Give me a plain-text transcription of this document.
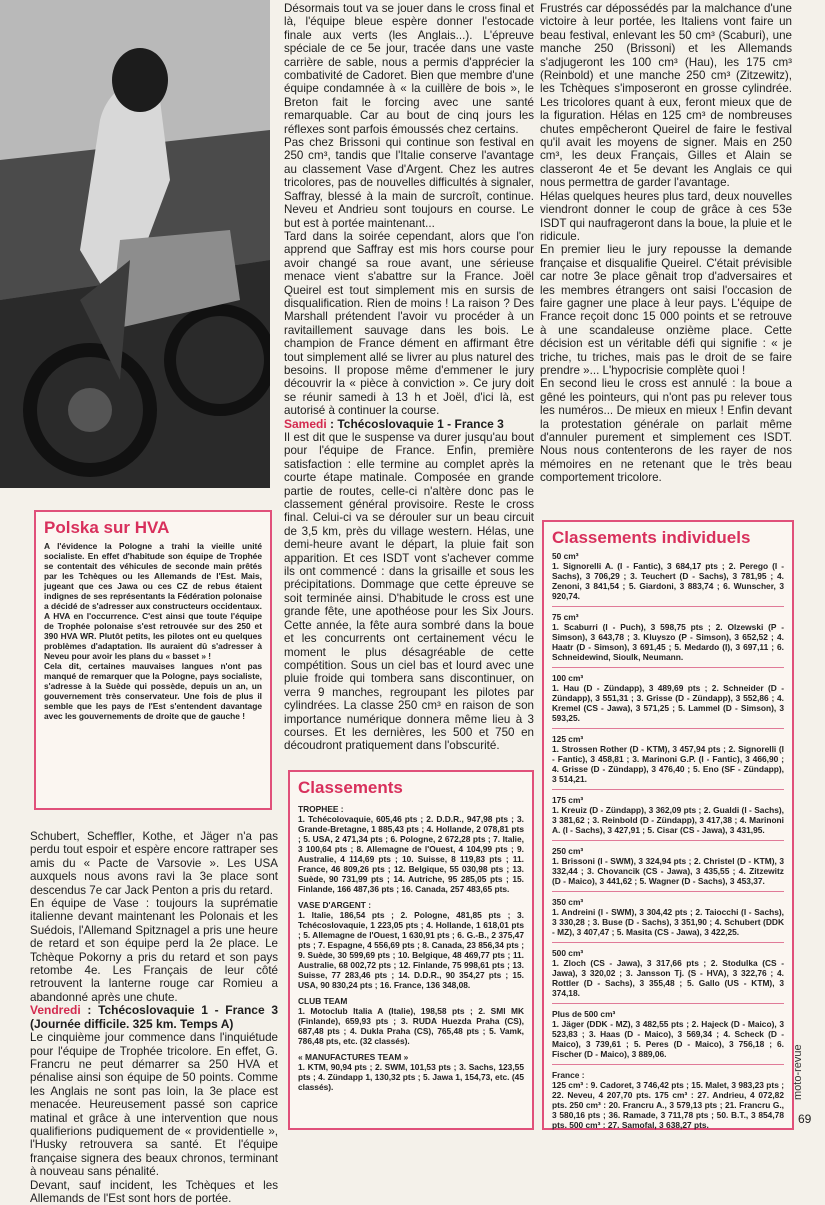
Schubert, Scheffler, Kothe, et Jäger n'a pas perdu tout espoir et espère encore rattraper ses amis du « Pacte de Varsovie ». Les USA auxquels nous avons ravi la 3e place sont descendus 7e car Jack Penton a pris du retard.

En équipe de Vase : toujours la suprématie italienne devant maintenant les Polonais et les Suédois, l'Allemand Spitznagel a pris une heure de retard et son équipe perd la 2e place. Le Tchèque Pokorny a pris du retard et son pays retombe 4e. Les Français de leur côté retrouvent la lanterne rouge car Romieu a abandonné après une chute.

Vendredi : Tchécoslovaquie 1 - France 3 (Journée difficile. 325 km. Temps A)

Le cinquième jour commence dans l'inquiétude pour l'équipe de Trophée tricolore. En effet, G. Francru ne peut démarrer sa 250 HVA et pénalise ainsi son équipe de 50 points. Comme les Anglais ne sont pas loin, la 3e place est menacée. Heureusement passé son caprice matinal et grâce à une intervention que nous qualifierions pudiquement de « providentielle », l'Husky retrouvera sa santé. Et l'équipe française signera des beaux chronos, terminant à nouveau sans pénalité.

Devant, sauf incident, les Tchèques et les Allemands de l'Est sont hors de portée.

Désormais tout va se jouer dans le cross final et là, l'équipe bleue espère donner l'estocade finale aux verts (les Anglais...). L'épreuve spéciale de ce 5e jour, tracée dans une vaste carrière de sable, nous a permis d'apprécier la combativité de Cadoret. Bien que membre d'une équipe condamnée à « la cuillère de bois », le Breton fait le forcing avec une santé remarquable. Car au bout de cinq jours les réflexes sont parfois émoussés chez certains.

Pas chez Brissoni qui continue son festival en 250 cm³, tandis que l'Italie conserve l'avantage au classement Vase d'Argent. Chez les autres tricolores, pas de nouvelles difficultés à signaler, Saffray, blessé à la main de surcroît, continue. Neveu et Andrieu sont toujours en course. Le but est à portée maintenant...

Tard dans la soirée cependant, alors que l'on apprend que Saffray est mis hors course pour avoir changé sa roue avant, une sérieuse menace vient s'abattre sur la France. Joël Queirel est tout simplement mis en sursis de disqualification. Rien de moins ! La raison ? Des Marshall prétendent l'avoir vu procéder à un ravitaillement sauvage dans les bois. Le champion de France dément en affirmant être tout simplement allé se livrer au plus naturel des besoins. Il propose même d'emmener le jury découvrir la « pièce à conviction ». Ce jury doit se réunir samedi à 13 h et Joël, d'ici là, est autorisé à continuer la course.

Samedi : Tchécoslovaquie 1 - France 3

Il est dit que le suspense va durer jusqu'au bout pour l'équipe de France. Enfin, première satisfaction : elle termine au complet après la courte étape matinale. Composée en grande partie de routes, celle-ci n'altère donc pas le classement général provisoire. Reste le cross final. Celui-ci va se dérouler sur un beau circuit de 3,5 km, près du village western. Hélas, une demi-heure avant le départ, la pluie fait son apparition. Et ces ISDT vont s'achever comme ils ont commencé : dans la grisaille et sous les précipitations. Dommage que cette épreuve se soit terminée ainsi. D'habitude le cross est une grande fête, une apothéose pour les Six Jours. Cette année, la fête aura sombré dans la boue et les concurrents ont certainement vécu le moment le plus désagréable de cette compétition. Sous un ciel bas et lourd avec une pluie froide qui tombera sans discontinuer, on verra 9 manches, regroupant les pilotes par cylindrées. La classe 250 cm³ en raison de son importance numérique donnera même lieu à 3 courses. Et les dernières, les 500 et 750 en découdront pratiquement dans l'obscurité.

Frustrés car dépossédés par la malchance d'une victoire à leur portée, les Italiens vont faire un beau festival, enlevant les 50 cm³ (Scaburi), une manche 250 (Brissoni) et les Allemands s'adjugeront les 100 cm³ (Hau), les 175 cm³ (Reinbold) et une manche 250 cm³ (Zitzewitz), les Tchèques s'imposeront en grosse cylindrée. Les tricolores quant à eux, feront mieux que de la figuration. Hélas en 125 cm³ de nombreuses chutes empêcheront Queirel de faire le festival qu'il avait les moyens de signer. Mais en 250 cm³, les deux Français, Gilles et Alain se classeront 4e et 5e devant les Anglais ce qui nous permettra de garder l'avantage.

Hélas quelques heures plus tard, deux nouvelles viendront donner le coup de grâce à ces 53e ISDT qui naufrageront dans la boue, la pluie et le ridicule.

En premier lieu le jury repousse la demande française et disqualifie Queirel. C'était prévisible car notre 3e place gênait trop d'adversaires et les membres étrangers ont saisi l'occasion de faire gagner une place à leur pays. L'équipe de France reçoit donc 15 000 points et se retrouve à une scandaleuse onzième place. Cette décision est un véritable défi qui signifie : « je triche, tu triches, mais pas le droit de se faire prendre »... L'hypocrisie complète quoi !

En second lieu le cross est annulé : la boue a gêné les pointeurs, qui n'ont pas pu relever tous les numéros... De mieux en mieux ! Enfin devant la protestation générale on parlait même d'annuler purement et simplement ces ISDT. Nous nous contenterons de les rayer de nos mémoires en ne retenant que le très beau comportement tricolore.

Polska sur HVA

A l'évidence la Pologne a trahi la vieille unité socialiste. En effet d'habitude son équipe de Trophée se contentait des véhicules de seconde main prêtés par les Tchèques ou les Allemands de l'Est. Mais, jugeant que ces Jawa ou ces CZ de rebus étaient indignes de ses représentants la Fédération polonaise a décidé de s'adresser aux constructeurs occidentaux. A HVA en l'occurrence. C'est ainsi que toute l'équipe de Trophée polonaise s'est retrouvée sur des 250 et 390 HVA WR. Plutôt petits, les pilotes ont eu quelques problèmes d'adaptation. Ils auraient dû s'adresser à Neveu pour avoir les plans du « basset » !

Cela dit, certaines mauvaises langues n'ont pas manqué de remarquer que la Pologne, pays socialiste, s'adresse à la Suède qui possède, depuis un an, un gouvernement très conservateur. Une fois de plus il semble que les pays de l'Est s'entendent davantage avec les gouvernements de droite que de gauche !

Classements

TROPHEE :

1. Tchécolovaquie, 605,46 pts ; 2. D.D.R., 947,98 pts ; 3. Grande-Bretagne, 1 885,43 pts ; 4. Hollande, 2 078,81 pts ; 5. USA, 2 471,34 pts ; 6. Pologne, 2 672,28 pts ; 7. Italie, 3 100,64 pts ; 8. Allemagne de l'Ouest, 4 104,99 pts ; 9. Australie, 4 114,69 pts ; 10. Suisse, 8 119,83 pts ; 11. France, 46 809,26 pts ; 12. Belgique, 55 030,98 pts ; 13. Suède, 90 731,99 pts ; 14. Autriche, 95 285,05 pts ; 15. Finlande, 166 487,36 pts ; 16. Canada, 257 483,65 pts.

VASE D'ARGENT :

1. Italie, 186,54 pts ; 2. Pologne, 481,85 pts ; 3. Tchécoslovaquie, 1 223,05 pts ; 4. Hollande, 1 618,01 pts ; 5. Allemagne de l'Ouest, 1 630,91 pts ; 6. G.-B., 2 375,47 pts ; 7. Espagne, 4 556,69 pts ; 8. Canada, 23 856,34 pts ; 9. Suède, 30 599,69 pts ; 10. Belgique, 48 469,77 pts ; 11. Australie, 68 002,72 pts ; 12. Finlande, 75 998,61 pts ; 13. Suisse, 77 283,46 pts ; 14. D.D.R., 90 354,27 pts ; 15. USA, 90 830,24 pts ; 16. France, 136 348,08.

CLUB TEAM

1. Motoclub Italia A (Italie), 198,58 pts ; 2. SMI MK (Finlande), 659,93 pts ; 3. RUDA Huezda Praha (CS), 687,48 pts ; 4. Dukla Praha (CS), 765,48 pts ; 5. Vamk, 786,48 pts, etc. (32 classés).

« MANUFACTURES TEAM »

1. KTM, 90,94 pts ; 2. SWM, 101,53 pts ; 3. Sachs, 123,55 pts ; 4. Zündapp 1, 130,32 pts ; 5. Jawa 1, 154,73, etc. (45 classés).

Classements individuels
50 cm³
1. Signorelli A. (I - Fantic), 3 684,17 pts ; 2. Perego (I - Sachs), 3 706,29 ; 3. Teuchert (D - Sachs), 3 781,95 ; 4. Zenoni, 3 841,54 ; 5. Giardoni, 3 883,74 ; 6. Wunscher, 3 920,74.
75 cm³
1. Scaburri (I - Puch), 3 598,75 pts ; 2. Olzewski (P - Simson), 3 643,78 ; 3. Kluyszo (P - Simson), 3 652,52 ; 4. Haatr (D - Simson), 3 691,45 ; 5. Medardo (I), 3 697,11 ; 6. Schneidewind, Sioulk, Neumann.
100 cm³
1. Hau (D - Zündapp), 3 489,69 pts ; 2. Schneider (D - Zündapp), 3 551,31 ; 3. Grisse (D - Zündapp), 3 552,86 ; 4. Kremel (CS - Jawa), 3 571,25 ; 5. Lammel (D - Simson), 3 593,25.
125 cm³
1. Strossen Rother (D - KTM), 3 457,94 pts ; 2. Signorelli (I - Fantic), 3 458,81 ; 3. Marinoni G.P. (I - Fantic), 3 466,90 ; 4. Grisse (D - Zündapp), 3 476,40 ; 5. Eno (SF - Zündapp), 3 514,21.
175 cm³
1. Kreuiz (D - Zündapp), 3 362,09 pts ; 2. Gualdi (I - Sachs), 3 381,62 ; 3. Reinbold (D - Zündapp), 3 417,38 ; 4. Marinoni A. (I - Sachs), 3 427,91 ; 5. Cisar (CS - Jawa), 3 431,95.
250 cm³
1. Brissoni (I - SWM), 3 324,94 pts ; 2. Christel (D - KTM), 3 332,44 ; 3. Chovancik (CS - Jawa), 3 435,55 ; 4. Zitzewitz (D - Maico), 3 441,62 ; 5. Wagner (D - Sachs), 3 453,37.
350 cm³
1. Andreini (I - SWM), 3 304,42 pts ; 2. Taiocchi (I - Sachs), 3 330,28 ; 3. Buse (D - Sachs), 3 351,90 ; 4. Schubert (DDK - MZ), 3 407,47 ; 5. Masita (CS - Jawa), 3 422,25.
500 cm³
1. Zloch (CS - Jawa), 3 317,66 pts ; 2. Stodulka (CS - Jawa), 3 320,02 ; 3. Jansson Tj. (S - HVA), 3 322,76 ; 4. Rottler (D - Sachs), 3 355,48 ; 5. Gallo (US - KTM), 3 374,18.
Plus de 500 cm³
1. Jäger (DDK - MZ), 3 482,55 pts ; 2. Hajeck (D - Maico), 3 523,83 ; 3. Haas (D - Maico), 3 569,34 ; 4. Scheck (D - Maico), 3 739,61 ; 5. Peres (D - Maico), 3 756,18 ; 6. Fischer (D - Maico), 3 889,06.
France :
125 cm³ : 9. Cadoret, 3 746,42 pts ; 15. Malet, 3 983,23 pts ; 22. Neveu, 4 207,70 pts. 175 cm³ : 27. Andrieu, 4 072,82 pts. 250 cm³ : 20. Francru A., 3 579,13 pts ; 21. Francru G., 3 580,16 pts ; 36. Ramade, 3 711,78 pts ; 50. B.T., 3 854,78 pts. 500 cm³ : 27. Samofal, 3 638,27 pts.
moto-revue
69
